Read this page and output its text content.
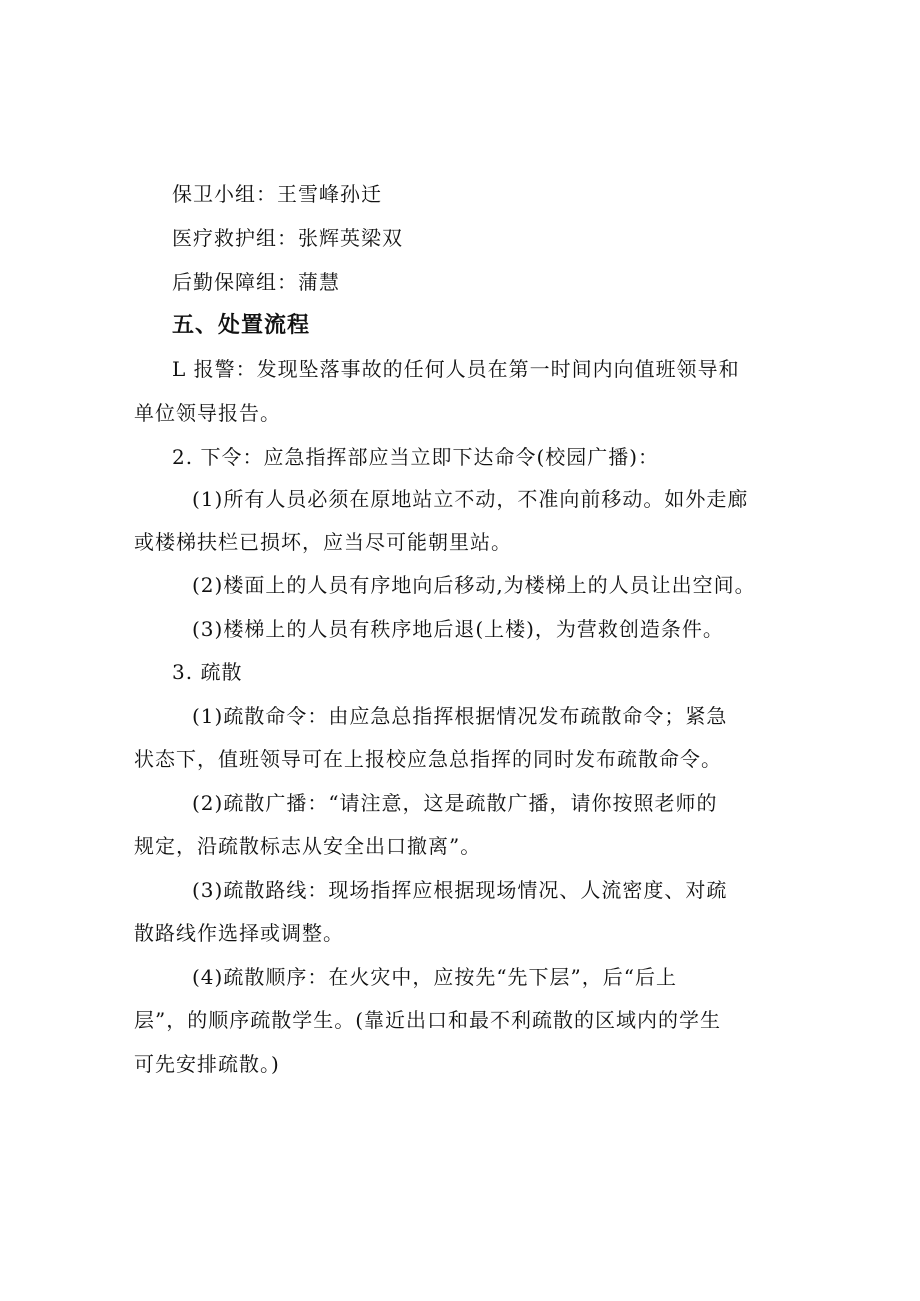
保卫小组：王雪峰孙迁

医疗救护组：张辉英梁双

后勤保障组：蒲慧

五、处置流程

L 报警：发现坠落事故的任何人员在第一时间内向值班领导和

单位领导报告。

2. 下令：应急指挥部应当立即下达命令(校园广播)：

(1)所有人员必须在原地站立不动，不准向前移动。如外走廊

或楼梯扶栏已损坏，应当尽可能朝里站。

(2)楼面上的人员有序地向后移动,为楼梯上的人员让出空间。

(3)楼梯上的人员有秩序地后退(上楼)，为营救创造条件。

3. 疏散

(1)疏散命令：由应急总指挥根据情况发布疏散命令；紧急

状态下，值班领导可在上报校应急总指挥的同时发布疏散命令。

(2)疏散广播：“请注意，这是疏散广播，请你按照老师的

规定，沿疏散标志从安全出口撤离”。

(3)疏散路线：现场指挥应根据现场情况、人流密度、对疏

散路线作选择或调整。

(4)疏散顺序：在火灾中，应按先“先下层”，后“后上

层”，的顺序疏散学生。(靠近出口和最不利疏散的区域内的学生

可先安排疏散。)
